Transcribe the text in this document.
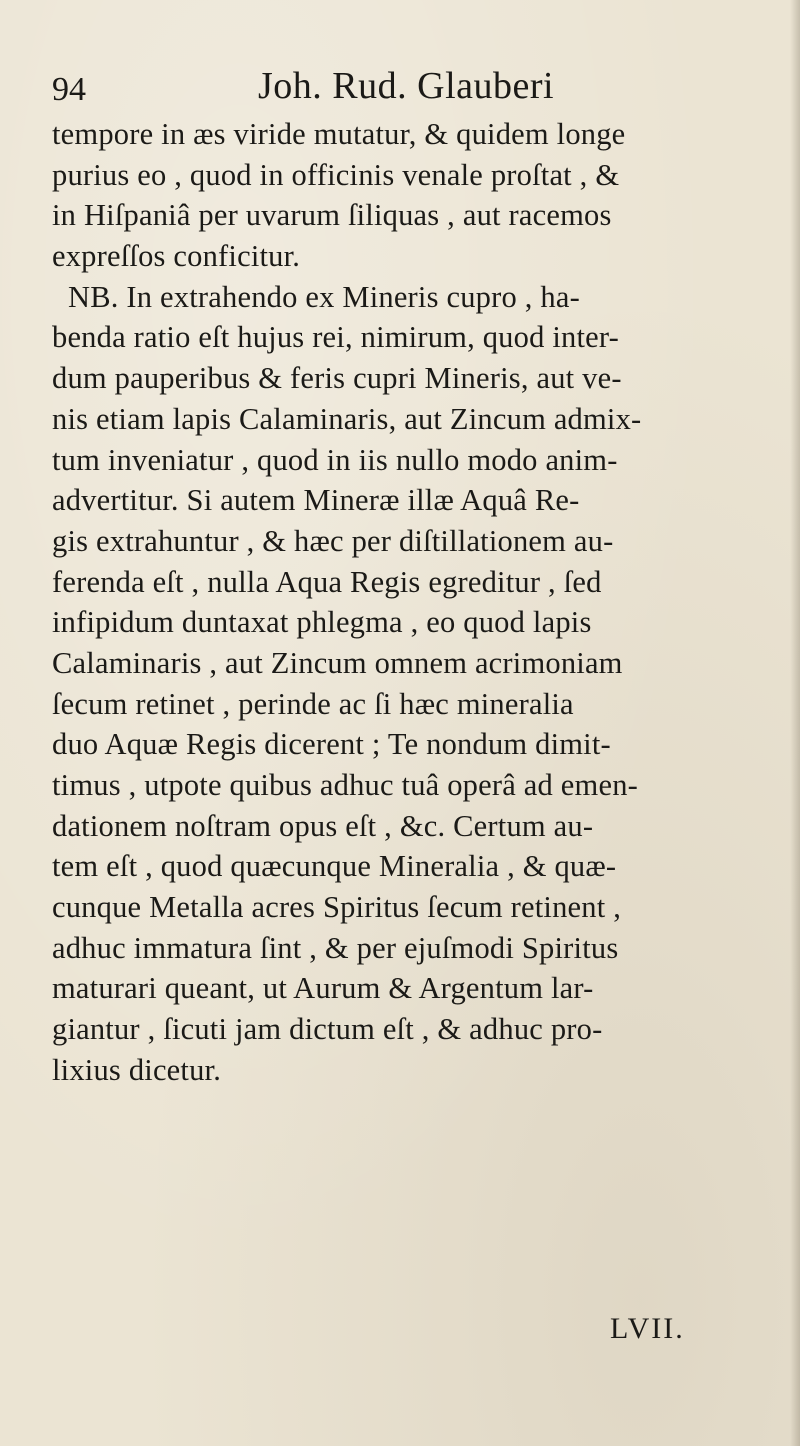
94	Joh. Rud. Glauberi
tempore in æs viride mutatur, & quidem longe
purius eo , quod in officinis venale proſtat , &
in Hiſpaniâ per uvarum ſiliquas , aut racemos
expreſſos conficitur.
NB. In extrahendo ex Mineris cupro , ha-
benda ratio eſt hujus rei, nimirum, quod inter-
dum pauperibus & feris cupri Mineris, aut ve-
nis etiam lapis Calaminaris, aut Zincum admix-
tum inveniatur , quod in iis nullo modo anim-
advertitur. Si autem Mineræ illæ Aquâ Re-
gis extrahuntur , & hæc per diſtillationem au-
ferenda eſt , nulla Aqua Regis egreditur , ſed
infipidum duntaxat phlegma , eo quod lapis
Calaminaris , aut Zincum omnem acrimoniam
ſecum retinet , perinde ac ſi hæc mineralia
duo Aquæ Regis dicerent ; Te nondum dimit-
timus , utpote quibus adhuc tuâ operâ ad emen-
dationem noſtram opus eſt , &c. Certum au-
tem eſt , quod quæcunque Mineralia , & quæ-
cunque Metalla acres Spiritus ſecum retinent ,
adhuc immatura ſint , & per ejuſmodi Spiritus
maturari queant, ut Aurum & Argentum lar-
giantur , ſicuti jam dictum eſt , & adhuc pro-
lixius dicetur.
LVII.
